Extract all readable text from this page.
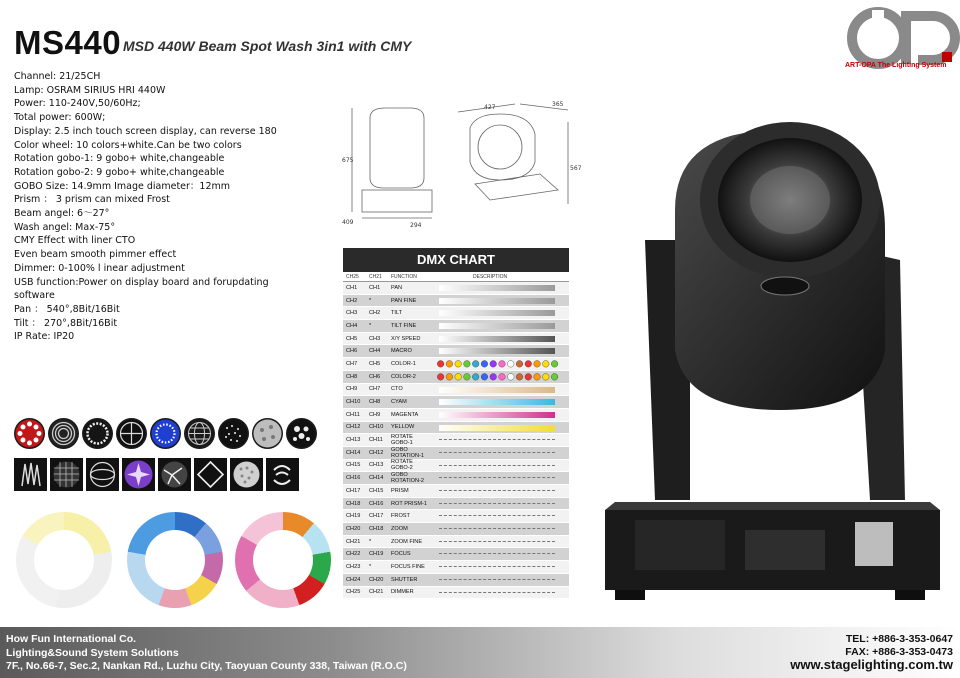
MS440 MSD 440W Beam Spot Wash 3in1 with CMY
ART-OPA The Lighting System
Channel: 21/25CH
Lamp: OSRAM SIRIUS HRI 440W
Power: 110-240V,50/60Hz;
Total power: 600W;
Display: 2.5 inch touch screen display, can reverse 180
Color wheel: 10 colors+white.Can be two colors
Rotation gobo-1: 9 gobo+ white,changeable
Rotation gobo-2: 9 gobo+ white,changeable
GOBO Size: 14.9mm Image diameter：12mm
Prism ： 3 prism can mixed Frost
Beam angel: 6～27°
Wash angel: Max-75°
CMY Effect with liner CTO
Even beam smooth pimmer effect
Dimmer: 0-100% l inear adjustment
USB function:Power on display board and forupdating software
Pan ： 540°,8Bit/16Bit
Tilt ： 270°,8Bit/16Bit
IP Rate: IP20
675
409	294
427	365
567
DMX CHART
CH25	CH21	FUNCTION	DESCRIPTION
CH1	CH1	PAN
CH2	*	PAN FINE
CH3	CH2	TILT
CH4	*	TILT FINE
CH5	CH3	X/Y SPEED
CH6	CH4	MACRO
CH7	CH5	COLOR-1
CH8	CH6	COLOR-2
CH9	CH7	CTO
CH10	CH8	CYAM
CH11	CH9	MAGENTA
CH12	CH10	YELLOW
CH13	CH11	ROTATE GOBO-1
CH14	CH12	GOBO ROTATION-1
CH15	CH13	ROTATE GOBO-2
CH16	CH14	GOBO ROTATION-2
CH17	CH15	PRISM
CH18	CH16	ROT PRISM-1
CH19	CH17	FROST
CH20	CH18	ZOOM
CH21	*	ZOOM FINE
CH22	CH19	FOCUS
CH23	*	FOCUS FINE
CH24	CH20	SHUTTER
CH25	CH21	DIMMER
How Fun International Co.
Lighting&Sound System Solutions
7F., No.66-7, Sec.2, Nankan Rd., Luzhu City, Taoyuan County 338, Taiwan (R.O.C)
TEL: +886-3-353-0647
FAX: +886-3-353-0473
www.stagelighting.com.tw
